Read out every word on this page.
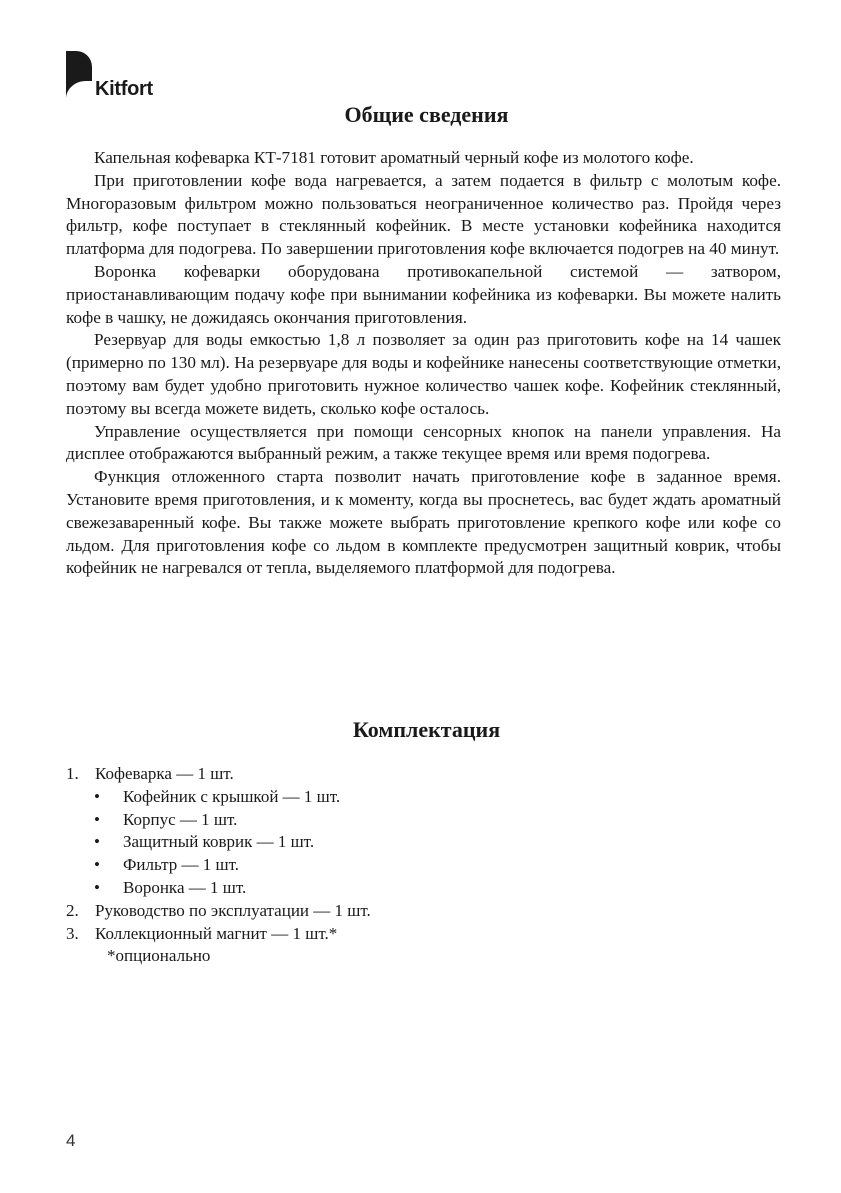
Kitfort
Общие сведения

Капельная кофеварка КТ-7181 готовит ароматный черный кофе из молотого кофе.

При приготовлении кофе вода нагревается, а затем подается в фильтр с молотым кофе. Многоразовым фильтром можно пользоваться неограниченное количество раз. Пройдя через фильтр, кофе поступает в стеклянный кофейник. В месте установки кофейника находится платформа для подогрева. По завершении приготовления кофе включается подогрев на 40 минут.

Воронка кофеварки оборудована противокапельной системой — затвором, приостанавливающим подачу кофе при вынимании кофейника из кофеварки. Вы можете налить кофе в чашку, не дожидаясь окончания приготовления.

Резервуар для воды емкостью 1,8 л позволяет за один раз приготовить кофе на 14 чашек (примерно по 130 мл). На резервуаре для воды и кофейнике нанесены соответствующие отметки, поэтому вам будет удобно приготовить нужное количество чашек кофе. Кофейник стеклянный, поэтому вы всегда можете видеть, сколько кофе осталось.

Управление осуществляется при помощи сенсорных кнопок на панели управления. На дисплее отображаются выбранный режим, а также текущее время или время подогрева.

Функция отложенного старта позволит начать приготовление кофе в заданное время. Установите время приготовления, и к моменту, когда вы проснетесь, вас будет ждать ароматный свежезаваренный кофе. Вы также можете выбрать приготовление крепкого кофе или кофе со льдом. Для приготовления кофе со льдом в комплекте предусмотрен защитный коврик, чтобы кофейник не нагревался от тепла, выделяемого платформой для подогрева.

Комплектация
1. Кофеварка — 1 шт.
• Кофейник с крышкой — 1 шт.
• Корпус — 1 шт.
• Защитный коврик — 1 шт.
• Фильтр — 1 шт.
• Воронка — 1 шт.
2. Руководство по эксплуатации — 1 шт.
3. Коллекционный магнит — 1 шт.*
*опционально
4
